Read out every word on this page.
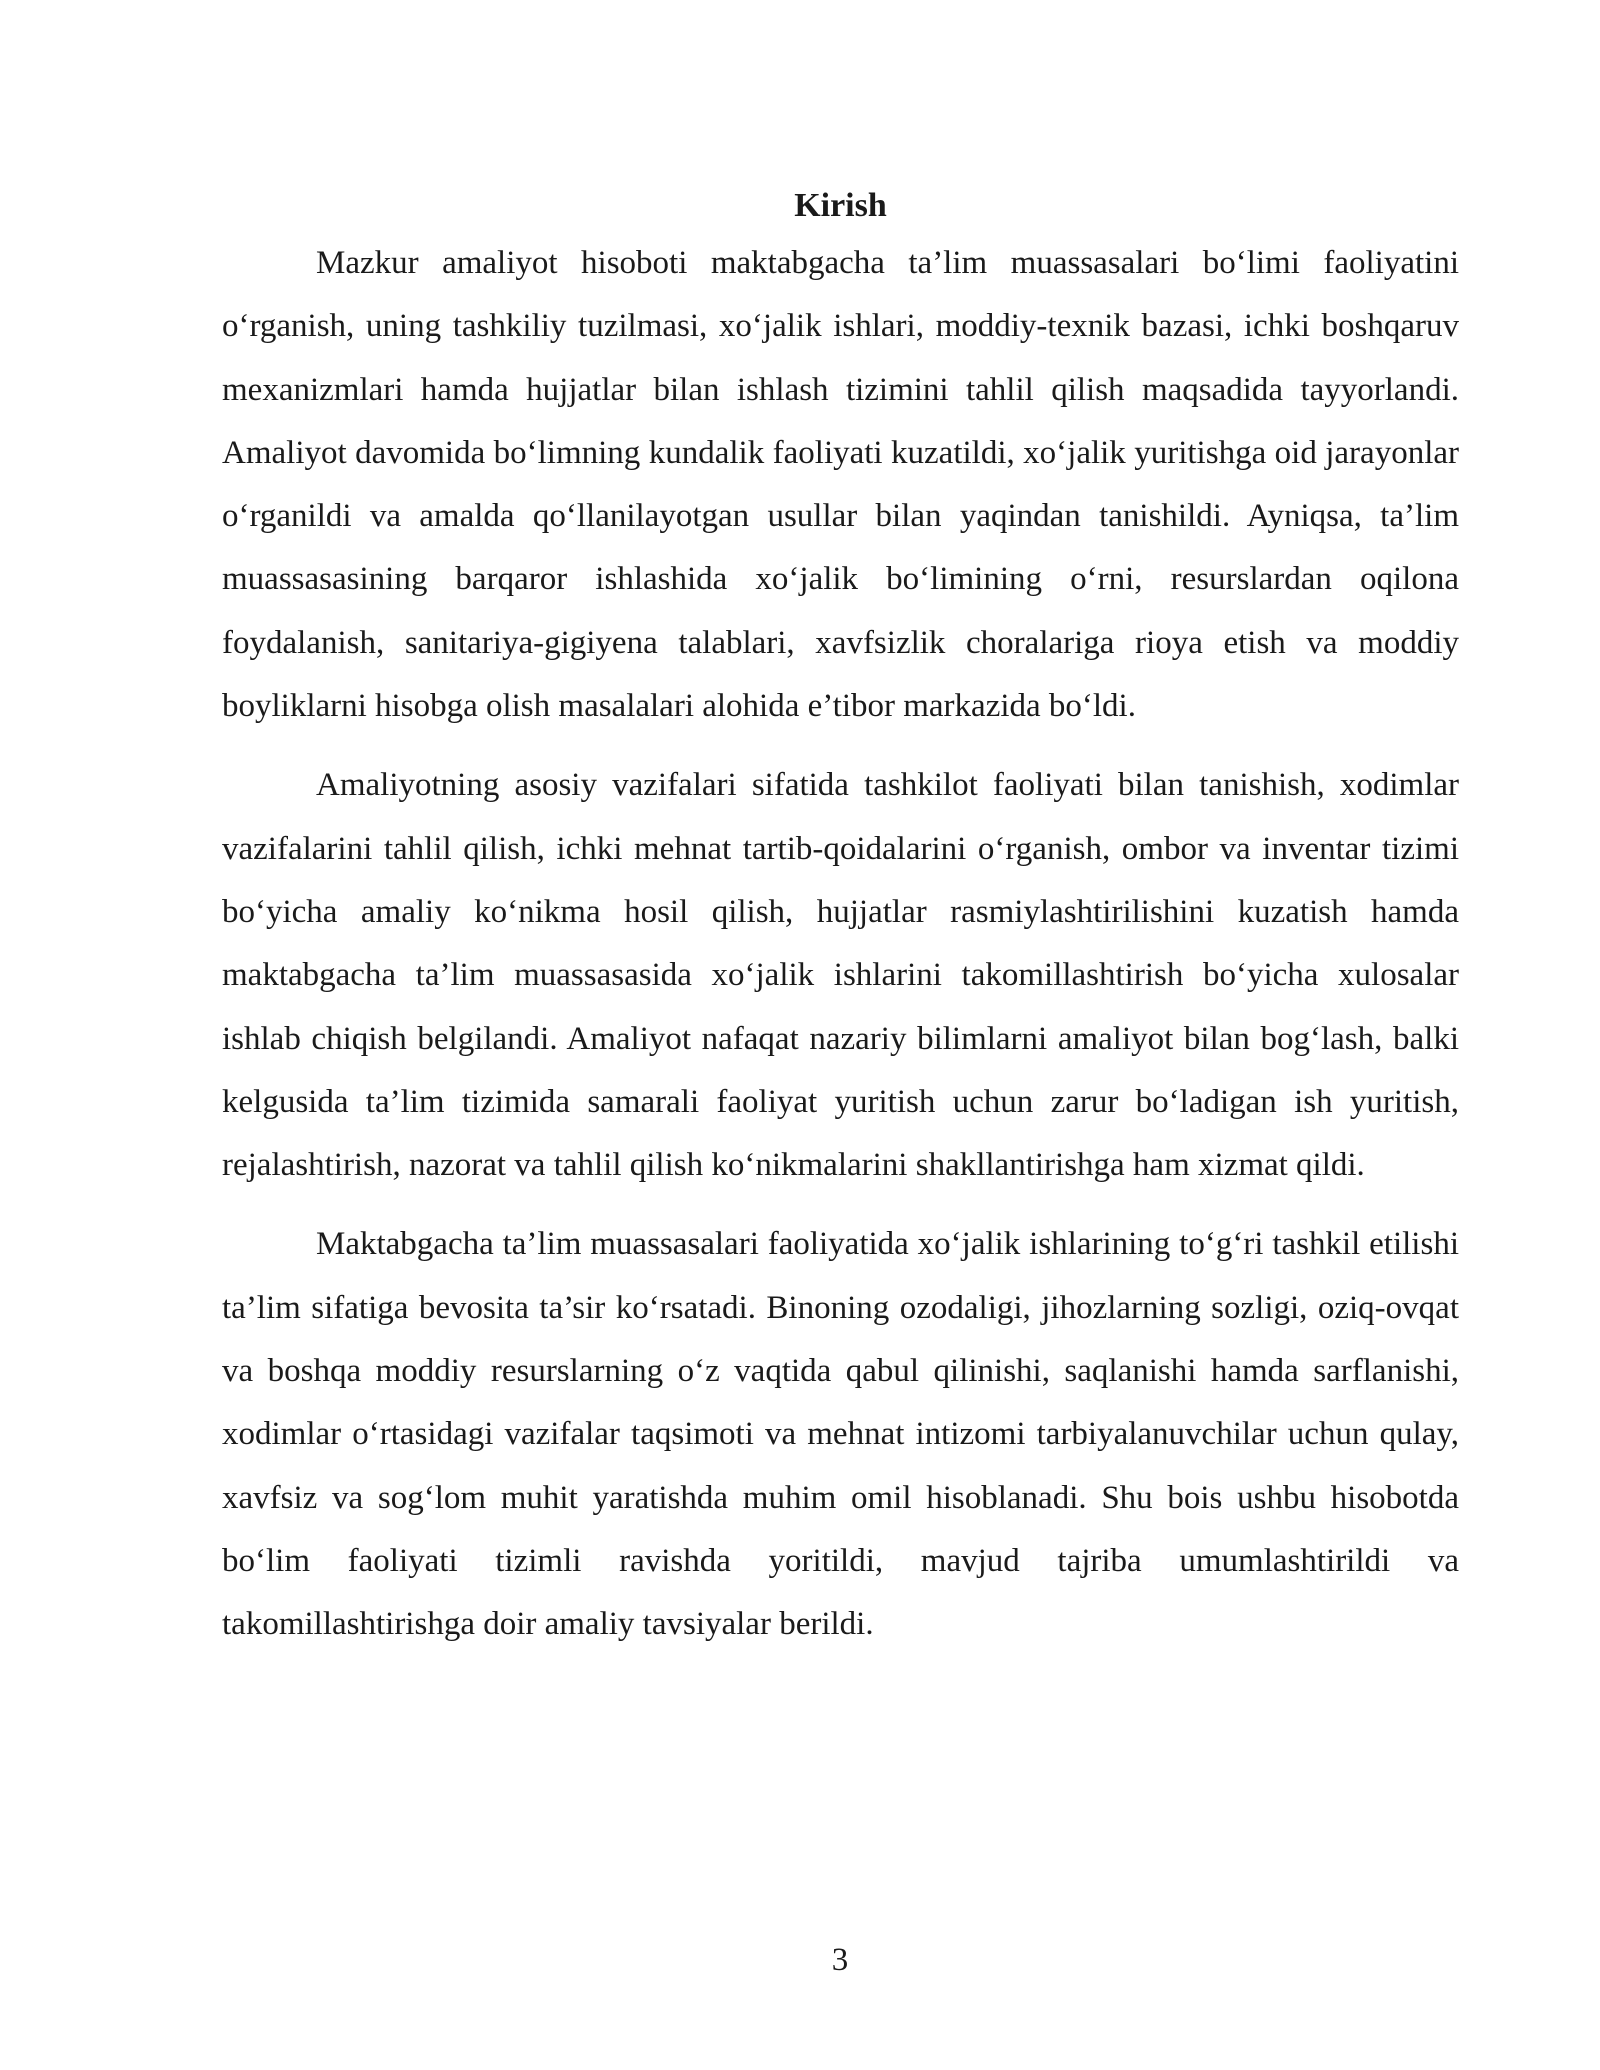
Kirish

Mazkur amaliyot hisoboti maktabgacha ta’lim muassasalari bo‘limi faoliyatini o‘rganish, uning tashkiliy tuzilmasi, xo‘jalik ishlari, moddiy-texnik bazasi, ichki boshqaruv mexanizmlari hamda hujjatlar bilan ishlash tizimini tahlil qilish maqsadida tayyorlandi. Amaliyot davomida bo‘limning kundalik faoliyati kuzatildi, xo‘jalik yuritishga oid jarayonlar o‘rganildi va amalda qo‘llanilayotgan usullar bilan yaqindan tanishildi. Ayniqsa, ta’lim muassasasining barqaror ishlashida xo‘jalik bo‘limining o‘rni, resurslardan oqilona foydalanish, sanitariya-gigiyena talablari, xavfsizlik choralariga rioya etish va moddiy boyliklarni hisobga olish masalalari alohida e’tibor markazida bo‘ldi.

Amaliyotning asosiy vazifalari sifatida tashkilot faoliyati bilan tanishish, xodimlar vazifalarini tahlil qilish, ichki mehnat tartib-qoidalarini o‘rganish, ombor va inventar tizimi bo‘yicha amaliy ko‘nikma hosil qilish, hujjatlar rasmiylashtirilishini kuzatish hamda maktabgacha ta’lim muassasasida xo‘jalik ishlarini takomillashtirish bo‘yicha xulosalar ishlab chiqish belgilandi. Amaliyot nafaqat nazariy bilimlarni amaliyot bilan bog‘lash, balki kelgusida ta’lim tizimida samarali faoliyat yuritish uchun zarur bo‘ladigan ish yuritish, rejalashtirish, nazorat va tahlil qilish ko‘nikmalarini shakllantirishga ham xizmat qildi.

Maktabgacha ta’lim muassasalari faoliyatida xo‘jalik ishlarining to‘g‘ri tashkil etilishi ta’lim sifatiga bevosita ta’sir ko‘rsatadi. Binoning ozodaligi, jihozlarning sozligi, oziq-ovqat va boshqa moddiy resurslarning o‘z vaqtida qabul qilinishi, saqlanishi hamda sarflanishi, xodimlar o‘rtasidagi vazifalar taqsimoti va mehnat intizomi tarbiyalanuvchilar uchun qulay, xavfsiz va sog‘lom muhit yaratishda muhim omil hisoblanadi. Shu bois ushbu hisobotda bo‘lim faoliyati tizimli ravishda yoritildi, mavjud tajriba umumlashtirildi va takomillashtirishga doir amaliy tavsiyalar berildi.

3
